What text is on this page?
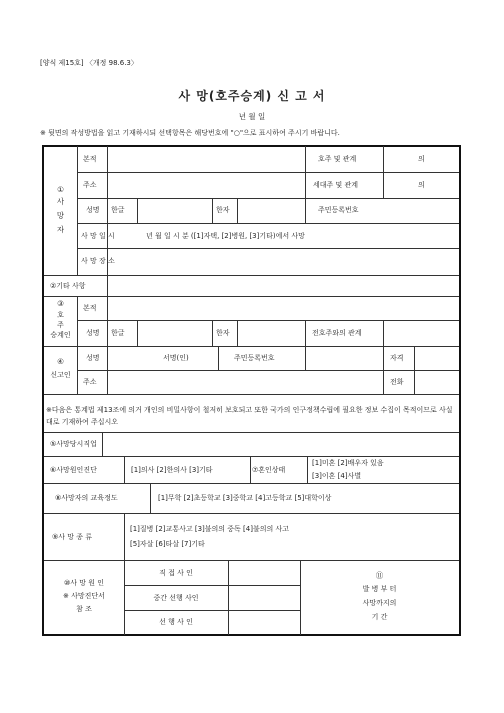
[양식 제15호] 〈개정 98.6.3〉
사 망(호주승계) 신 고 서
년 월 일
※ 뒷면의 작성방법을 읽고 기재하시되 선택항목은 해당번호에 "○"으로 표시하여 주시기 바랍니다.
①
사
망
자
본적	호주 및 관계	의
주소	세대주 및 관계	의
성명 한글	한자	주민등록번호
사 망 일 시	년 월 일 시 분 ([1]자택, [2]병원, [3]기타)에서 사망
사 망 장 소
②기타 사항
③
호
주
승계인
본적
성명 한글	한자	전호주와의 관계
④
신고인
성명	서명(인)	주민등록번호	자격
주소	전화
※다음은 통계법 제13조에 의거 개인의 비밀사항이 철저히 보호되고 또한 국가의 인구정책수립에 필요한 정보 수집이 목적이므로 사실대로 기재하여 주십시오
⑤사망당시직업
⑥사망원인진단	[1]의사 [2]한의사 [3]기타	⑦혼인상태
[1]미혼 [2]배우자 있음
[3]이혼 [4]사별
⑧사망자의 교육정도	[1]무학 [2]초등학교 [3]중학교 [4]고등학교 [5]대학이상
⑨사 망 종 류
[1]질병 [2]교통사고 [3]불의의 중독 [4]불의의 사고
[5]자살 [6]타살 [7]기타
⑩사 망 원 인
※ 사망진단서
참 조
직 접 사 인
중간 선행 사인
선 행 사 인
⑪
발 병 부 터
사망까지의
기 간
